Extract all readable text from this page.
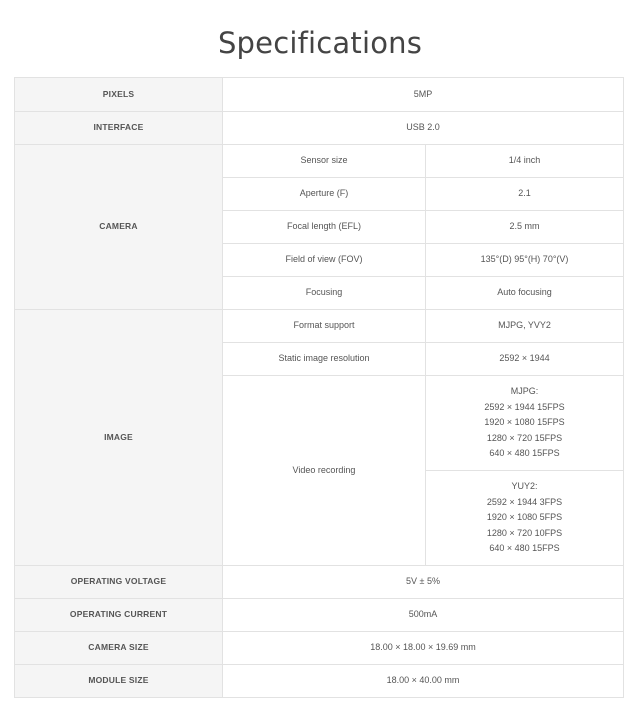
Specifications
PIXELS	5MP	
INTERFACE	USB 2.0	
CAMERA	Sensor size	1/4 inch
	Aperture (F)	2.1
	Focal length (EFL)	2.5 mm
	Field of view (FOV)	135°(D) 95°(H) 70°(V)
	Focusing	Auto focusing
IMAGE	Format support	MJPG, YVY2
	Static image resolution	2592 × 1944
	Video recording	MJPG:
2592 × 1944 15FPS
1920 × 1080 15FPS
1280 × 720 15FPS
640 × 480 15FPS

		YUY2:
2592 × 1944 3FPS
1920 × 1080 5FPS
1280 × 720 10FPS
640 × 480 15FPS

OPERATING VOLTAGE	5V ± 5%	
OPERATING CURRENT	500mA	
CAMERA SIZE	18.00 × 18.00 × 19.69 mm	
MODULE SIZE	18.00 × 40.00 mm	
